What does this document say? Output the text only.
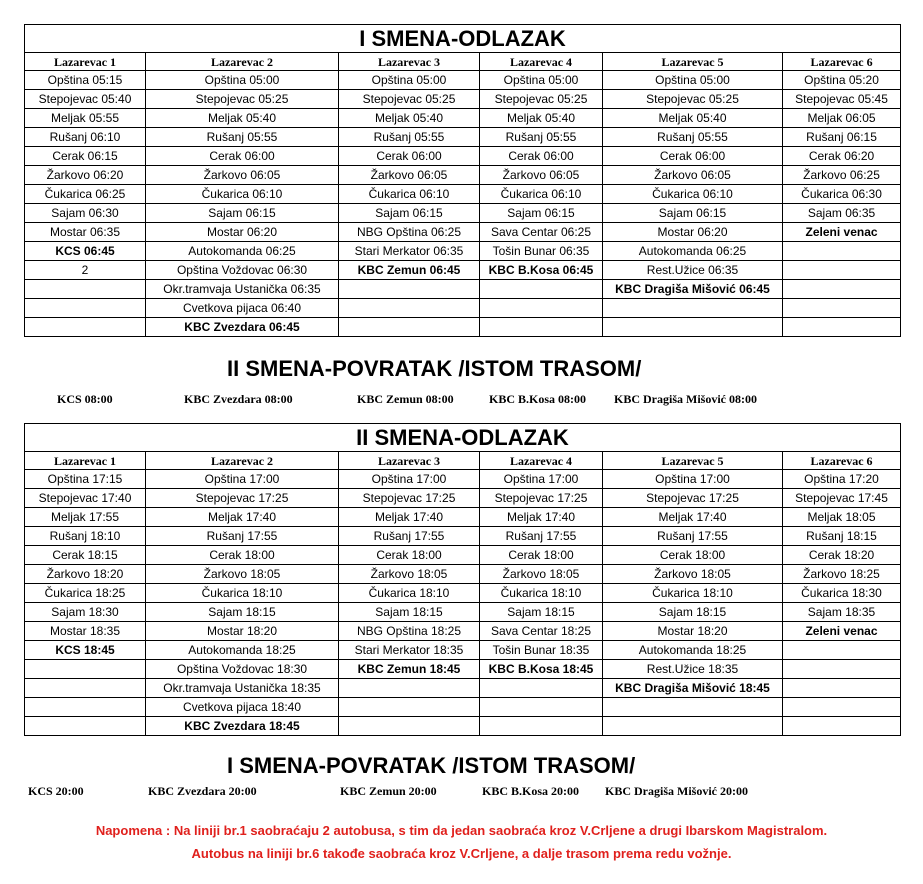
I SMENA-ODLAZAK					
Lazarevac 1	Lazarevac 2	Lazarevac 3	Lazarevac 4	Lazarevac 5	Lazarevac 6
Opština 05:15	Opština 05:00	Opština 05:00	Opština 05:00	Opština 05:00	Opština 05:20
Stepojevac 05:40	Stepojevac 05:25	Stepojevac 05:25	Stepojevac 05:25	Stepojevac 05:25	Stepojevac 05:45
Meljak 05:55	Meljak 05:40	Meljak 05:40	Meljak 05:40	Meljak 05:40	Meljak 06:05
Rušanj 06:10	Rušanj 05:55	Rušanj 05:55	Rušanj 05:55	Rušanj 05:55	Rušanj 06:15
Cerak 06:15	Cerak 06:00	Cerak 06:00	Cerak 06:00	Cerak 06:00	Cerak 06:20
Žarkovo 06:20	Žarkovo 06:05	Žarkovo 06:05	Žarkovo 06:05	Žarkovo 06:05	Žarkovo 06:25
Čukarica 06:25	Čukarica 06:10	Čukarica 06:10	Čukarica 06:10	Čukarica 06:10	Čukarica 06:30
Sajam 06:30	Sajam 06:15	Sajam 06:15	Sajam 06:15	Sajam 06:15	Sajam 06:35
Mostar 06:35	Mostar 06:20	NBG Opština 06:25	Sava Centar 06:25	Mostar 06:20	Zeleni venac
KCS 06:45	Autokomanda 06:25	Stari Merkator 06:35	Tošin Bunar 06:35	Autokomanda 06:25	
2	Opština Voždovac 06:30	KBC Zemun 06:45	KBC B.Kosa 06:45	Rest.Užice 06:35	
	Okr.tramvaja Ustanička 06:35			KBC Dragiša Mišović 06:45	
	Cvetkova pijaca 06:40				
	KBC Zvezdara 06:45				
II SMENA-POVRATAK /ISTOM TRASOM/
KCS 08:00	KBC Zvezdara 08:00	KBC Zemun 08:00	KBC B.Kosa 08:00 KBC Dragiša Mišović 08:00
II SMENA-ODLAZAK					
Lazarevac 1	Lazarevac 2	Lazarevac 3	Lazarevac 4	Lazarevac 5	Lazarevac 6
Opština 17:15	Opština 17:00	Opština 17:00	Opština 17:00	Opština 17:00	Opština 17:20
Stepojevac 17:40	Stepojevac 17:25	Stepojevac 17:25	Stepojevac 17:25	Stepojevac 17:25	Stepojevac 17:45
Meljak 17:55	Meljak 17:40	Meljak 17:40	Meljak 17:40	Meljak 17:40	Meljak 18:05
Rušanj 18:10	Rušanj 17:55	Rušanj 17:55	Rušanj 17:55	Rušanj 17:55	Rušanj 18:15
Cerak 18:15	Cerak 18:00	Cerak 18:00	Cerak 18:00	Cerak 18:00	Cerak 18:20
Žarkovo 18:20	Žarkovo 18:05	Žarkovo 18:05	Žarkovo 18:05	Žarkovo 18:05	Žarkovo 18:25
Čukarica 18:25	Čukarica 18:10	Čukarica 18:10	Čukarica 18:10	Čukarica 18:10	Čukarica 18:30
Sajam 18:30	Sajam 18:15	Sajam 18:15	Sajam 18:15	Sajam 18:15	Sajam 18:35
Mostar 18:35	Mostar 18:20	NBG Opština 18:25	Sava Centar 18:25	Mostar 18:20	Zeleni venac
KCS 18:45	Autokomanda 18:25	Stari Merkator 18:35	Tošin Bunar 18:35	Autokomanda 18:25	
	Opština Voždovac 18:30	KBC Zemun 18:45	KBC B.Kosa 18:45	Rest.Užice 18:35	
	Okr.tramvaja Ustanička 18:35			KBC Dragiša Mišović 18:45	
	Cvetkova pijaca 18:40				
	KBC Zvezdara 18:45				
I SMENA-POVRATAK /ISTOM TRASOM/
KCS 20:00	KBC Zvezdara 20:00	KBC Zemun 20:00	KBC B.Kosa 20:00 KBC Dragiša Mišović 20:00
Napomena : Na liniji br.1 saobraćaju 2 autobusa, s tim da jedan saobraća kroz V.Crljene a drugi Ibarskom Magistralom.
Autobus na liniji br.6 takođe saobraća kroz V.Crljene, a dalje trasom prema redu vožnje.
